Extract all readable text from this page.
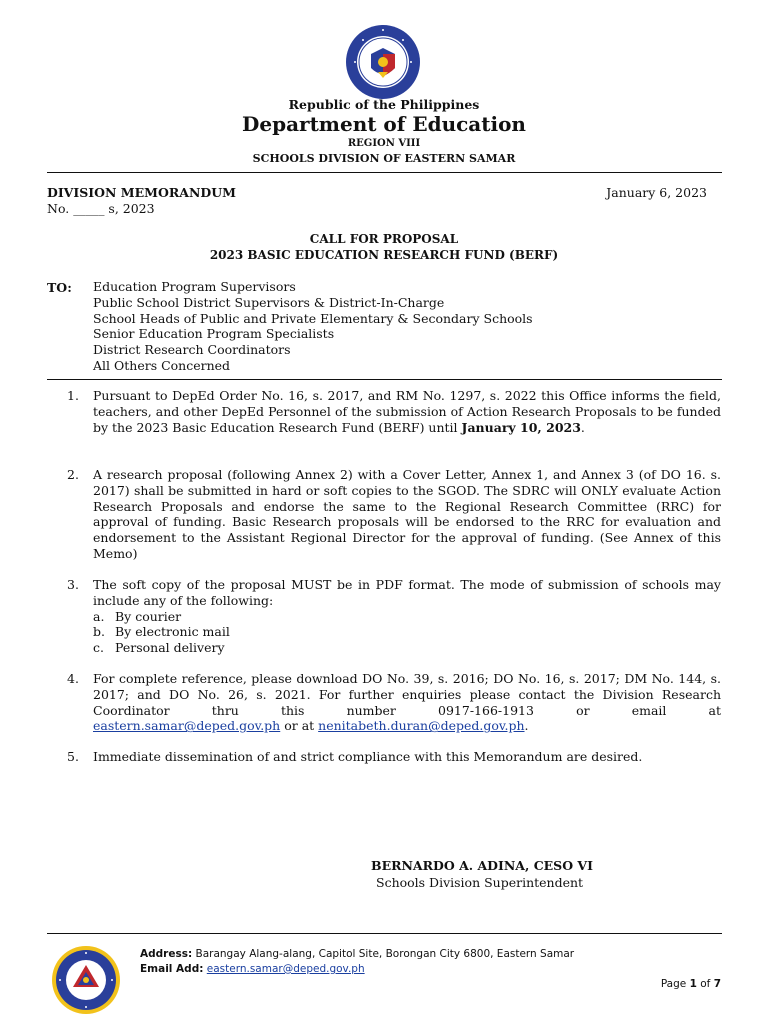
Republic of the Philippines
Department of Education
REGION VIII
SCHOOLS DIVISION OF EASTERN SAMAR
DIVISION MEMORANDUM	January 6, 2023
No. _____ s, 2023
CALL FOR PROPOSAL
2023 BASIC EDUCATION RESEARCH FUND (BERF)
TO: Education Program Supervisors
Public School District Supervisors & District-In-Charge
School Heads of Public and Private Elementary & Secondary Schools
Senior Education Program Specialists
District Research Coordinators
All Others Concerned
1.	Pursuant to DepEd Order No. 16, s. 2017, and RM No. 1297, s. 2022 this Office informs the field, teachers, and other DepEd Personnel of the submission of Action Research Proposals to be funded by the 2023 Basic Education Research Fund (BERF) until January 10, 2023.
2.	A research proposal (following Annex 2) with a Cover Letter, Annex 1, and Annex 3 (of DO 16. s. 2017) shall be submitted in hard or soft copies to the SGOD. The SDRC will ONLY evaluate Action Research Proposals and endorse the same to the Regional Research Committee (RRC) for approval of funding. Basic Research proposals will be endorsed to the RRC for evaluation and endorsement to the Assistant Regional Director for the approval of funding. (See Annex of this Memo)
3.	The soft copy of the proposal MUST be in PDF format. The mode of submission of schools may include any of the following:
a. By courier
b. By electronic mail
c. Personal delivery
4.	For complete reference, please download DO No. 39, s. 2016; DO No. 16, s. 2017; DM No. 144, s. 2017; and DO No. 26, s. 2021. For further enquiries please contact the Division Research Coordinator thru this number 0917-166-1913 or email at
eastern.samar@deped.gov.ph or at nenitabeth.duran@deped.gov.ph.
5.	Immediate dissemination of and strict compliance with this Memorandum are desired.
BERNARDO A. ADINA, CESO VI
Schools Division Superintendent
Address: Barangay Alang-alang, Capitol Site, Borongan City 6800, Eastern Samar
Email Add: eastern.samar@deped.gov.ph
Page 1 of 7
